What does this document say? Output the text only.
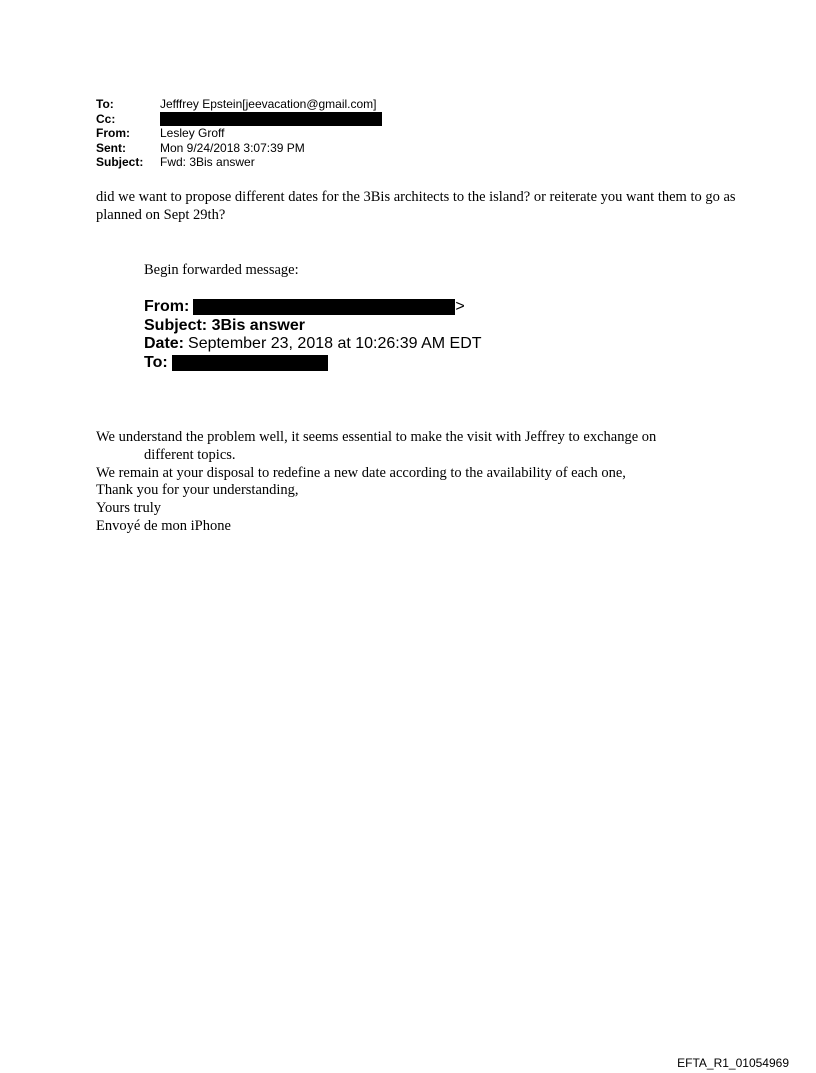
To:	Jefffrey Epstein[jeevacation@gmail.com]
Cc:
From:	Lesley Groff
Sent:	Mon 9/24/2018 3:07:39 PM
Subject:	Fwd: 3Bis answer
did we want to propose different dates for the 3Bis architects to the island? or reiterate you want them to go as planned on Sept 29th?
Begin forwarded message:
From:	>
Subject: 3Bis answer
Date: September 23, 2018 at 10:26:39 AM EDT
To:

We understand the problem well, it seems essential to make the visit with Jeffrey to exchange on different topics.

We remain at your disposal to redefine a new date according to the availability of each one,

Thank you for your understanding,

Yours truly

Envoyé de mon iPhone

EFTA_R1_01054969
